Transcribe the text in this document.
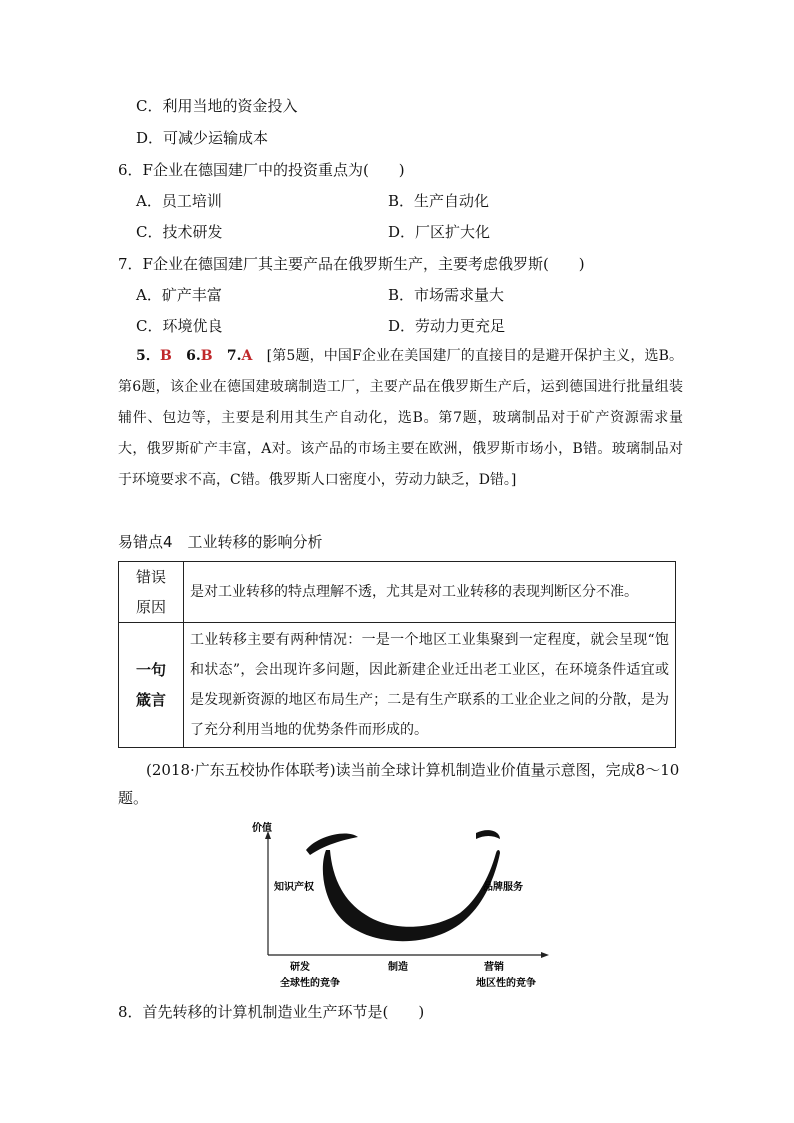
C．利用当地的资金投入
D．可减少运输成本
6．F企业在德国建厂中的投资重点为(　　)
A．员工培训	B．生产自动化
C．技术研发	D．厂区扩大化
7．F企业在德国建厂其主要产品在俄罗斯生产，主要考虑俄罗斯(　　)
A．矿产丰富	B．市场需求量大
C．环境优良	D．劳动力更充足
5．B　 6.B　 7.A　 [第5题，中国F企业在美国建厂的直接目的是避开保护主义，选B。第6题，该企业在德国建玻璃制造工厂，主要产品在俄罗斯生产后，运到德国进行批量组装辅件、包边等，主要是利用其生产自动化，选B。第7题，玻璃制品对于矿产资源需求量大，俄罗斯矿产丰富，A对。该产品的市场主要在欧洲，俄罗斯市场小，B错。玻璃制品对于环境要求不高，C错。俄罗斯人口密度小，劳动力缺乏，D错。]
易错点4　工业转移的影响分析
错误原因	是对工业转移的特点理解不透，尤其是对工业转移的表现判断区分不准。
一句箴言	工业转移主要有两种情况：一是一个地区工业集聚到一定程度，就会呈现“饱和状态”，会出现许多问题，因此新建企业迁出老工业区，在环境条件适宜或是发现新资源的地区布局生产；二是有生产联系的工业企业之间的分散，是为了充分利用当地的优势条件而形成的。
(2018·广东五校协作体联考)读当前全球计算机制造业价值量示意图，完成8～10题。
价值
知识产权	品牌服务
研发	制造	营销
全球性的竞争	地区性的竞争
8．首先转移的计算机制造业生产环节是(　　)
